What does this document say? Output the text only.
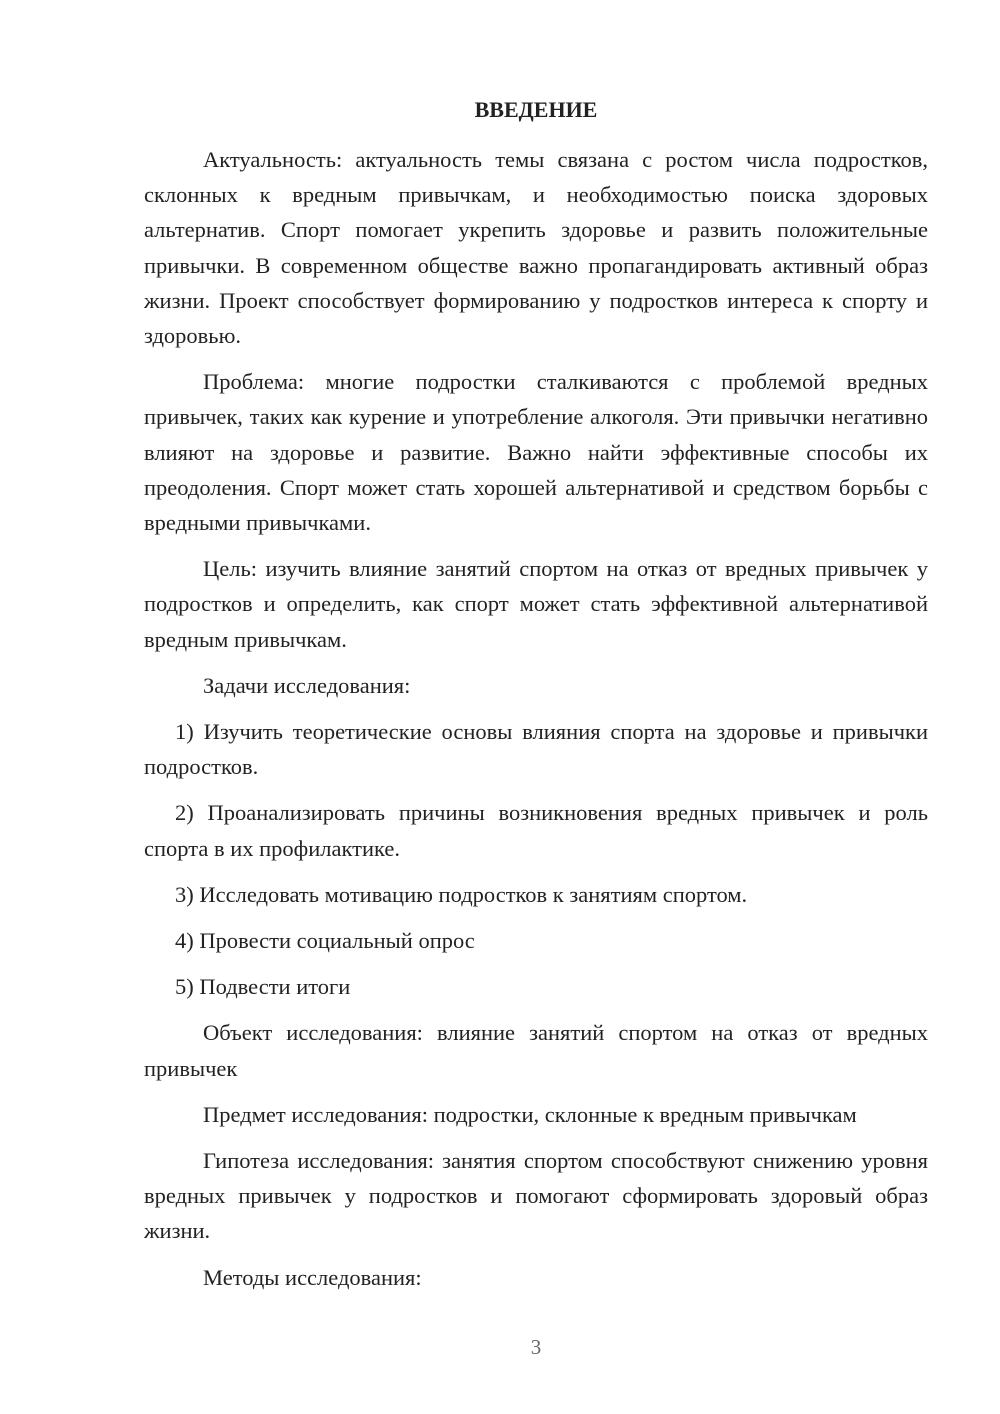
ВВЕДЕНИЕ

Актуальность: актуальность темы связана с ростом числа подростков, склонных к вредным привычкам, и необходимостью поиска здоровых альтернатив. Спорт помогает укрепить здоровье и развить положительные привычки. В современном обществе важно пропагандировать активный образ жизни. Проект способствует формированию у подростков интереса к спорту и здоровью.

Проблема: многие подростки сталкиваются с проблемой вредных привычек, таких как курение и употребление алкоголя. Эти привычки негативно влияют на здоровье и развитие. Важно найти эффективные способы их преодоления. Спорт может стать хорошей альтернативой и средством борьбы с вредными привычками.

Цель: изучить влияние занятий спортом на отказ от вредных привычек у подростков и определить, как спорт может стать эффективной альтернативой вредным привычкам.

Задачи исследования:

1) Изучить теоретические основы влияния спорта на здоровье и привычки подростков.

2) Проанализировать причины возникновения вредных привычек и роль спорта в их профилактике.

3) Исследовать мотивацию подростков к занятиям спортом.

4) Провести социальный опрос

5) Подвести итоги

Объект исследования: влияние занятий спортом на отказ от вредных привычек

Предмет исследования: подростки, склонные к вредным привычкам

Гипотеза исследования: занятия спортом способствуют снижению уровня вредных привычек у подростков и помогают сформировать здоровый образ жизни.

Методы исследования:

3
